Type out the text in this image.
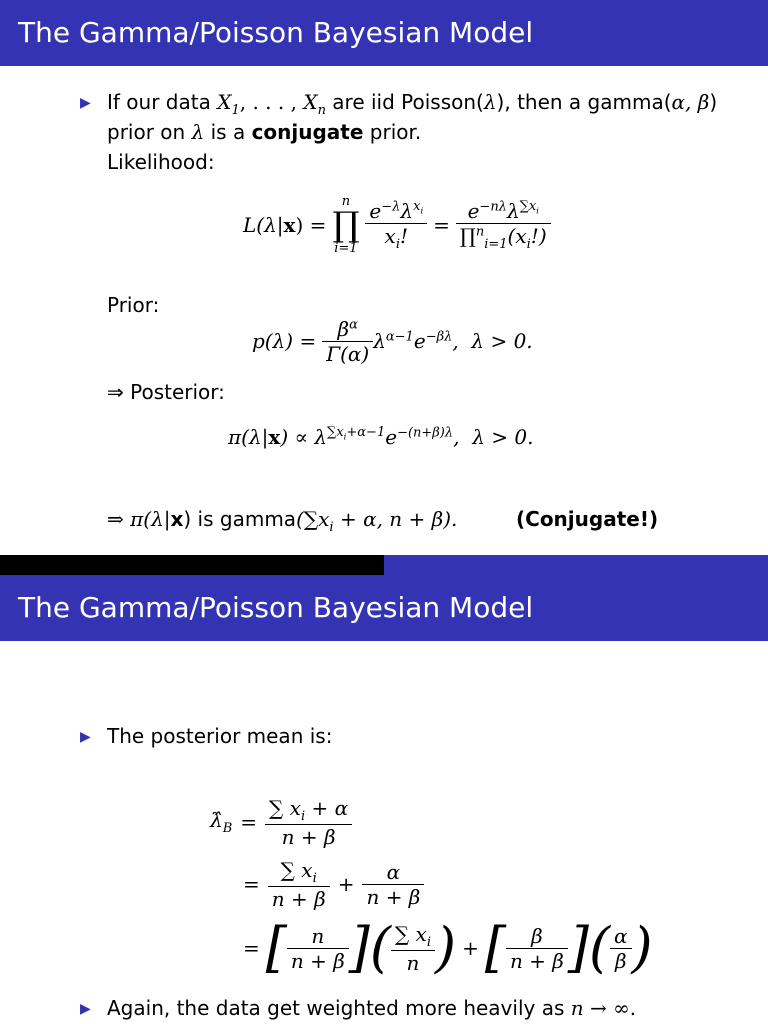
The Gamma/Poisson Bayesian Model
▶ If our data $X_1$, . . . , $X_n$ are iid Poisson(λ), then a gamma(α, β)
prior on λ is a conjugate prior.
Likelihood:
L(λ|x) =
n
∏
$i=1 \frac{e^{-\lambda}\lambda^{x_i}}{x_i!} = \frac{e^{-n\lambda}\lambda^{\sum x_i}}{\prod^n_{i=1}(x_i!)}$
Prior:
$p(\lambda) = \frac{\beta^\alpha}{\Gamma(\alpha)} \lambda^{\alpha-1}e^{-\beta\lambda}$,  λ > 0.
⇒ Posterior:
$\pi(\lambda|x) \propto \lambda^{\sum x_i+\alpha-1}e^{-(n+\beta)\lambda}$,  λ > 0.
⇒ π(λ|x) is $gamma(\sum x_i + \alpha$, n + β).	(Conjugate!)
The Gamma/Poisson Bayesian Model
▶ The posterior mean is:
$\lambdâ_B = \frac{\sum x_i + \alpha}{n + \beta}$
= $\frac{\sum x_i}{n + \beta} + \frac{\alpha}{n + \beta}$
= [ $\frac{n}{n + \beta}$ ] ( $\frac{\sum x_i}{n}$ ) + [ $\frac{\beta}{n + \beta}$ ] ( $\frac{\alpha}{\beta}$ )
▶ Again, the data get weighted more heavily as n → ∞.
